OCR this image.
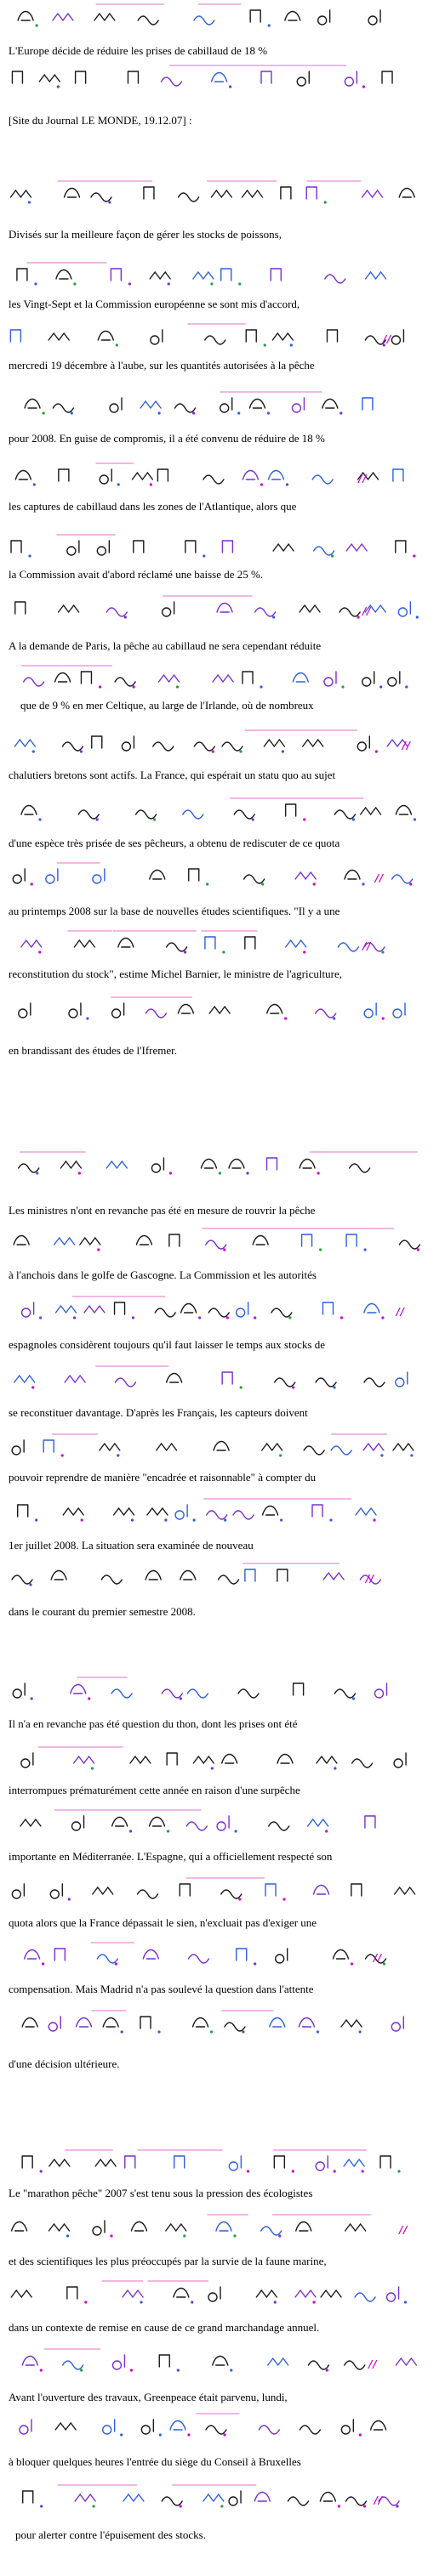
L'Europe décide de réduire les prises de cabillaud de 18 %
[Site du Journal LE MONDE, 19.12.07] :
Divisés sur la meilleure façon de gérer les stocks de poissons,
les Vingt-Sept et la Commission européenne se sont mis d'accord,
mercredi 19 décembre à l'aube, sur les quantités autorisées à la pêche
pour 2008. En guise de compromis, il a été convenu de réduire de 18 %
les captures de cabillaud dans les zones de l'Atlantique, alors que
la Commission avait d'abord réclamé une baisse de 25 %.
A la demande de Paris, la pêche au cabillaud ne sera cependant réduite
que de 9 % en mer Celtique, au large de l'Irlande, où de nombreux
chalutiers bretons sont actifs. La France, qui espérait un statu quo au sujet
d'une espèce très prisée de ses pêcheurs, a obtenu de rediscuter de ce quota
au printemps 2008 sur la base de nouvelles études scientifiques. "Il y a une
reconstitution du stock", estime Michel Barnier, le ministre de l'agriculture,
en brandissant des études de l'Ifremer.
Les ministres n'ont en revanche pas été en mesure de rouvrir la pêche
à l'anchois dans le golfe de Gascogne. La Commission et les autorités
espagnoles considèrent toujours qu'il faut laisser le temps aux stocks de
se reconstituer davantage. D'après les Français, les capteurs doivent
pouvoir reprendre de manière "encadrée et raisonnable" à compter du
1er juillet 2008. La situation sera examinée de nouveau
dans le courant du premier semestre 2008.
Il n'a en revanche pas été question du thon, dont les prises ont été
interrompues prématurément cette année en raison d'une surpêche
importante en Méditerranée. L'Espagne, qui a officiellement respecté son
quota alors que la France dépassait le sien, n'excluait pas d'exiger une
compensation. Mais Madrid n'a pas soulevé la question dans l'attente
d'une décision ultérieure.
Le "marathon pêche" 2007 s'est tenu sous la pression des écologistes
et des scientifiques les plus préoccupés par la survie de la faune marine,
dans un contexte de remise en cause de ce grand marchandage annuel.
Avant l'ouverture des travaux, Greenpeace était parvenu, lundi,
à bloquer quelques heures l'entrée du siège du Conseil à Bruxelles
pour alerter contre l'épuisement des stocks.
